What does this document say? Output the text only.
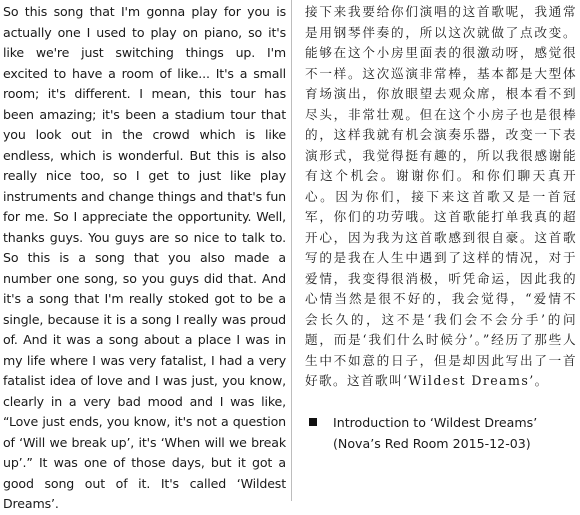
So this song that I'm gonna play for you is actually one I used to play on piano, so it's like we're just switching things up. I'm excited to have a room of like... It's a small room; it's different. I mean, this tour has been amazing; it's been a stadium tour that you look out in the crowd which is like endless, which is wonderful. But this is also really nice too, so I get to just like play instruments and change things and that's fun for me. So I appreciate the opportunity. Well, thanks guys. You guys are so nice to talk to. So this is a song that you also made a number one song, so you guys did that. And it's a song that I'm really stoked got to be a single, because it is a song I really was proud of. And it was a song about a place I was in my life where I was very fatalist, I had a very fatalist idea of love and I was just, you know, clearly in a very bad mood and I was like, “Love just ends, you know, it's not a question of ‘Will we break up’, it's ‘When will we break up’.” It was one of those days, but it got a good song out of it. It's called ‘Wildest Dreams’.
接下来我要给你们演唱的这首歌呢，我通常是用钢琴伴奏的，所以这次就做了点改变。能够在这个小房里面表的很激动呀，感觉很不一样。这次巡演非常棒，基本都是大型体育场演出，你放眼望去观众席，根本看不到尽头，非常壮观。但在这个小房子也是很棒的，这样我就有机会演奏乐器，改变一下表演形式，我觉得挺有趣的，所以我很感谢能有这个机会。谢谢你们。和你们聊天真开心。因为你们，接下来这首歌又是一首冠军，你们的功劳哦。这首歌能打单我真的超开心，因为我为这首歌感到很自豪。这首歌写的是我在人生中遇到了这样的情况，对于爱情，我变得很消极，听凭命运，因此我的心情当然是很不好的，我会觉得，“爱情不会长久的，这不是‘我们会不会分手’的问题，而是‘我们什么时候分’。”经历了那些人生中不如意的日子，但是却因此写出了一首好歌。这首歌叫‘Wildest Dreams’。
Introduction to ‘Wildest Dreams’ (Nova’s Red Room 2015-12-03)
